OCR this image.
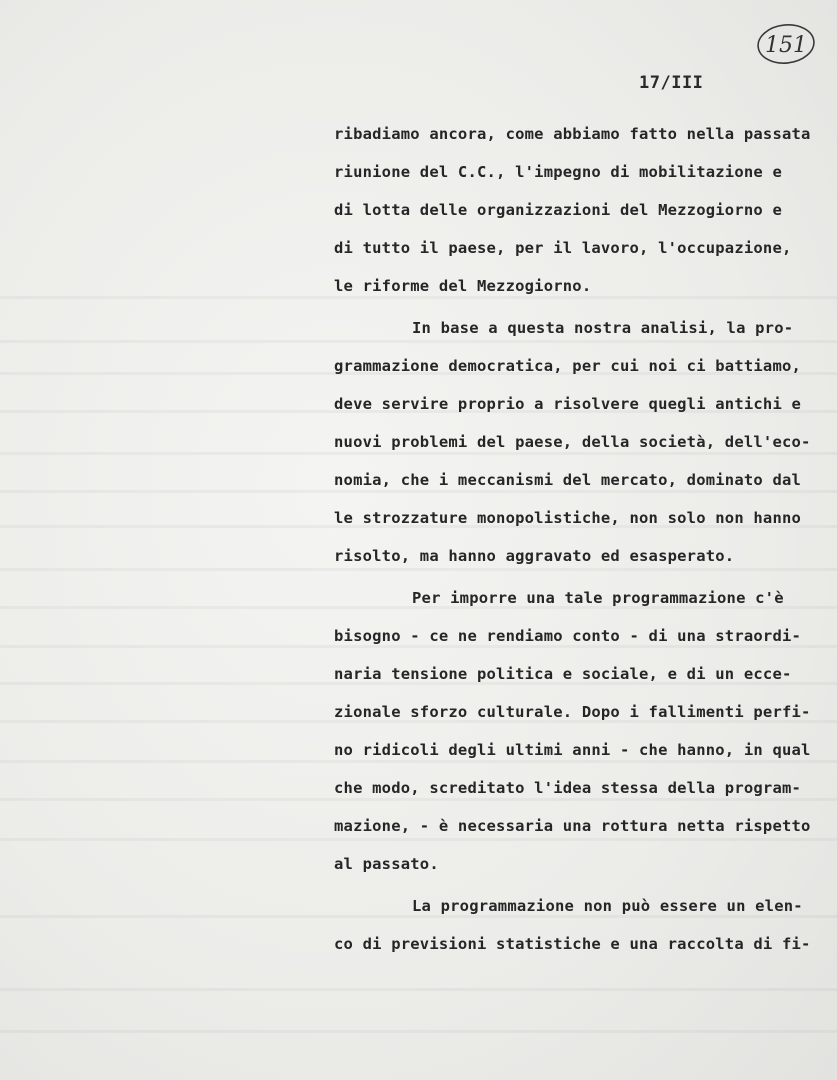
151
17/III
ribadiamo ancora, come abbiamo fatto nella passata
riunione del C.C., l'impegno di mobilitazione e
di lotta delle organizzazioni del Mezzogiorno e
di tutto il paese, per il lavoro, l'occupazione,
le riforme del Mezzogiorno.
In base a questa nostra analisi, la pro-
grammazione democratica, per cui noi ci battiamo,
deve servire proprio a risolvere quegli antichi e
nuovi problemi del paese, della società, dell'eco-
nomia, che i meccanismi del mercato, dominato dal
le strozzature monopolistiche, non solo non hanno
risolto, ma hanno aggravato ed esasperato.
Per imporre una tale programmazione c'è
bisogno - ce ne rendiamo conto - di una straordi-
naria tensione politica e sociale, e di un ecce-
zionale sforzo culturale. Dopo i fallimenti perfi-
no ridicoli degli ultimi anni - che hanno, in qual
che modo, screditato l'idea stessa della program-
mazione, - è necessaria una rottura netta rispetto
al passato.
La programmazione non può essere un elen-
co di previsioni statistiche e una raccolta di fi-
